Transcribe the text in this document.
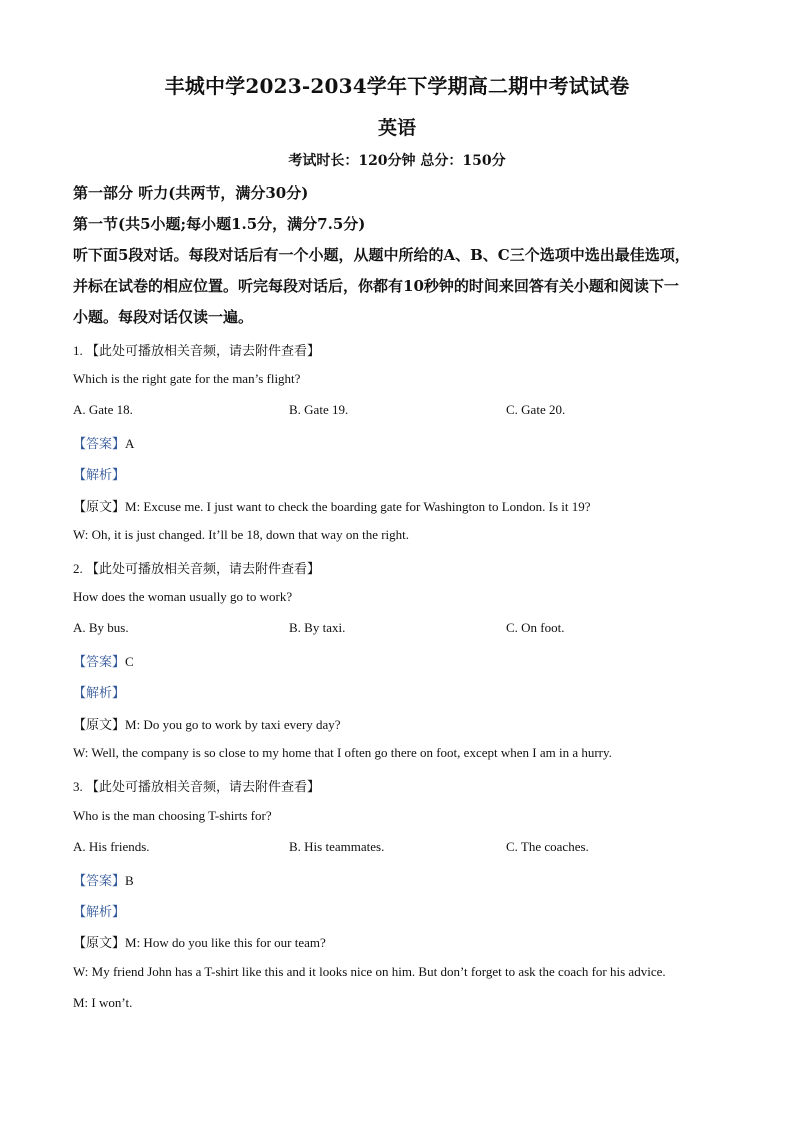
丰城中学2023-2034学年下学期高二期中考试试卷
英语
考试时长：120分钟 总分：150分
第一部分 听力(共两节，满分30分)
第一节(共5小题;每小题1.5分，满分7.5分)
听下面5段对话。每段对话后有一个小题，从题中所给的A、B、C三个选项中选出最佳选项，
并标在试卷的相应位置。听完每段对话后，你都有10秒钟的时间来回答有关小题和阅读下一
小题。每段对话仅读一遍。
1. 【此处可播放相关音频，请去附件查看】
Which is the right gate for the man’s flight?
A. Gate 18.	B. Gate 19.	C. Gate 20.
【答案】A
【解析】
【原文】M: Excuse me. I just want to check the boarding gate for Washington to London. Is it 19?
W: Oh, it is just changed. It’ll be 18, down that way on the right.
2. 【此处可播放相关音频，请去附件查看】
How does the woman usually go to work?
A. By bus.	B. By taxi.	C. On foot.
【答案】C
【解析】
【原文】M: Do you go to work by taxi every day?
W: Well, the company is so close to my home that I often go there on foot, except when I am in a hurry.
3. 【此处可播放相关音频，请去附件查看】
Who is the man choosing T-shirts for?
A. His friends.	B. His teammates.	C. The coaches.
【答案】B
【解析】
【原文】M: How do you like this for our team?
W: My friend John has a T-shirt like this and it looks nice on him. But don’t forget to ask the coach for his advice.
M: I won’t.
